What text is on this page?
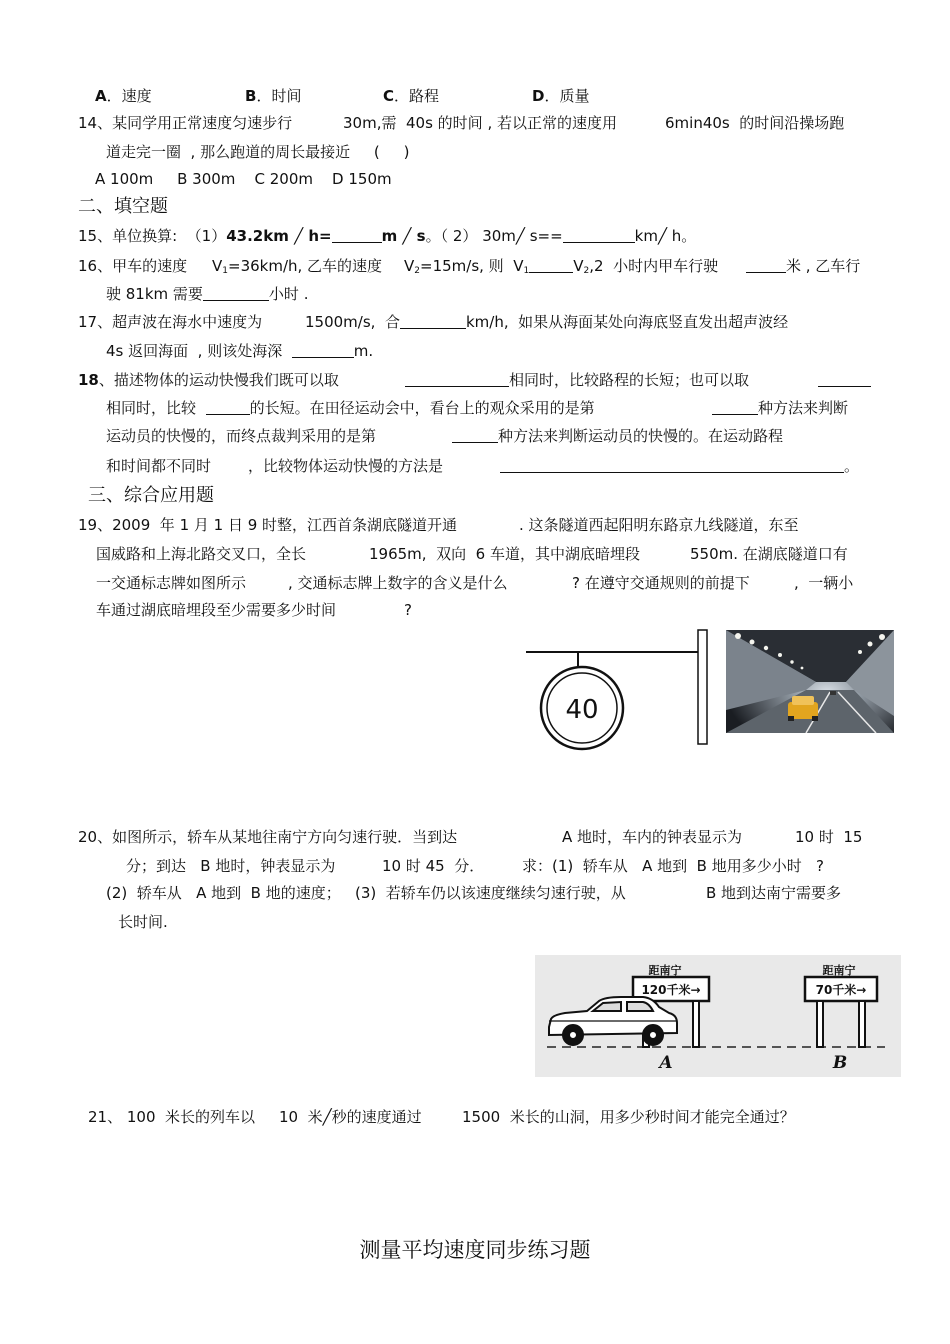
A．速度	B．时间	C．路程	D．质量
14、某同学用正常速度匀速步行	30m,需  40s 的时间 , 若以正常的速度用	6min40s  的时间沿操场跑
道走完一圈  , 那么跑道的周长最接近     (     )
A 100m     B 300m    C 200m    D 150m
二、填空题
15、单位换算:  （1）43.2km ╱ h=	m ╱ s。（ 2） 30m╱ s==	km╱ h。
16、甲车的速度 $V_1=36km/h$, 乙车的速度 $V_2=15m/s$, 则  $V_1$	$V_2,2$  小时内甲车行驶	米 , 乙车行
驶 81km 需要	小时 .
17、超声波在海水中速度为	1500m/s,  合	km/h,  如果从海面某处向海底竖直发出超声波经
4s 返回海面  , 则该处海深	m.
18、描述物体的运动快慢我们既可以取	相同时，比较路程的长短；也可以取
相同时，比较	的长短。在田径运动会中，看台上的观众采用的是第	种方法来判断
运动员的快慢的，而终点裁判采用的是第	种方法来判断运动员的快慢的。在运动路程
和时间都不同时 ，比较物体运动快慢的方法是	。
三、综合应用题
19、2009  年 1 月 1 日 9 时整，江西首条湖底隧道开通	. 这条隧道西起阳明东路京九线隧道，东至
国威路和上海北路交叉口，全长	1965m,  双向  6 车道，其中湖底暗埋段	550m. 在湖底隧道口有
一交通标志牌如图所示	, 交通标志牌上数字的含义是什么	? 在遵守交通规则的前提下	,  一辆小
车通过湖底暗埋段至少需要多少时间	?
40
20、如图所示，轿车从某地往南宁方向匀速行驶．当到达	A 地时，车内的钟表显示为	10 时  15
分；到达   B 地时，钟表显示为	10 时 45  分．	求：(1)  轿车从   A 地到  B 地用多少小时   ?
(2)  轿车从   A 地到  B 地的速度；   (3)  若轿车仍以该速度继续匀速行驶，从	B 地到达南宁需要多
长时间.
距南宁
120千米→
距南宁
70千米→
A	B
21、 100  米长的列车以 10  米╱秒的速度通过	1500  米长的山洞，用多少秒时间才能完全通过？
测量平均速度同步练习题
